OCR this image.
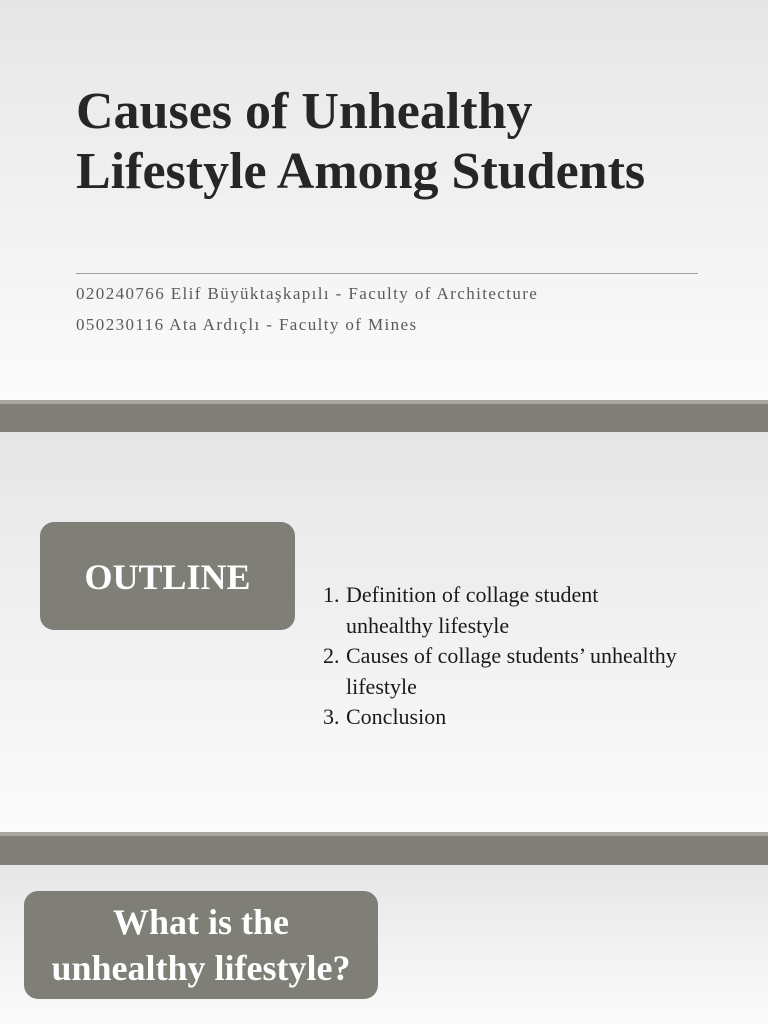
Causes of Unhealthy
Lifestyle Among Students
020240766 Elif Büyüktaşkapılı - Faculty of Architecture
050230116 Ata Ardıçlı - Faculty of Mines
OUTLINE	1. Definition of collage student unhealthy lifestyle
2. Causes of collage students’ unhealthy lifestyle
3. Conclusion
What is the
unhealthy lifestyle?
